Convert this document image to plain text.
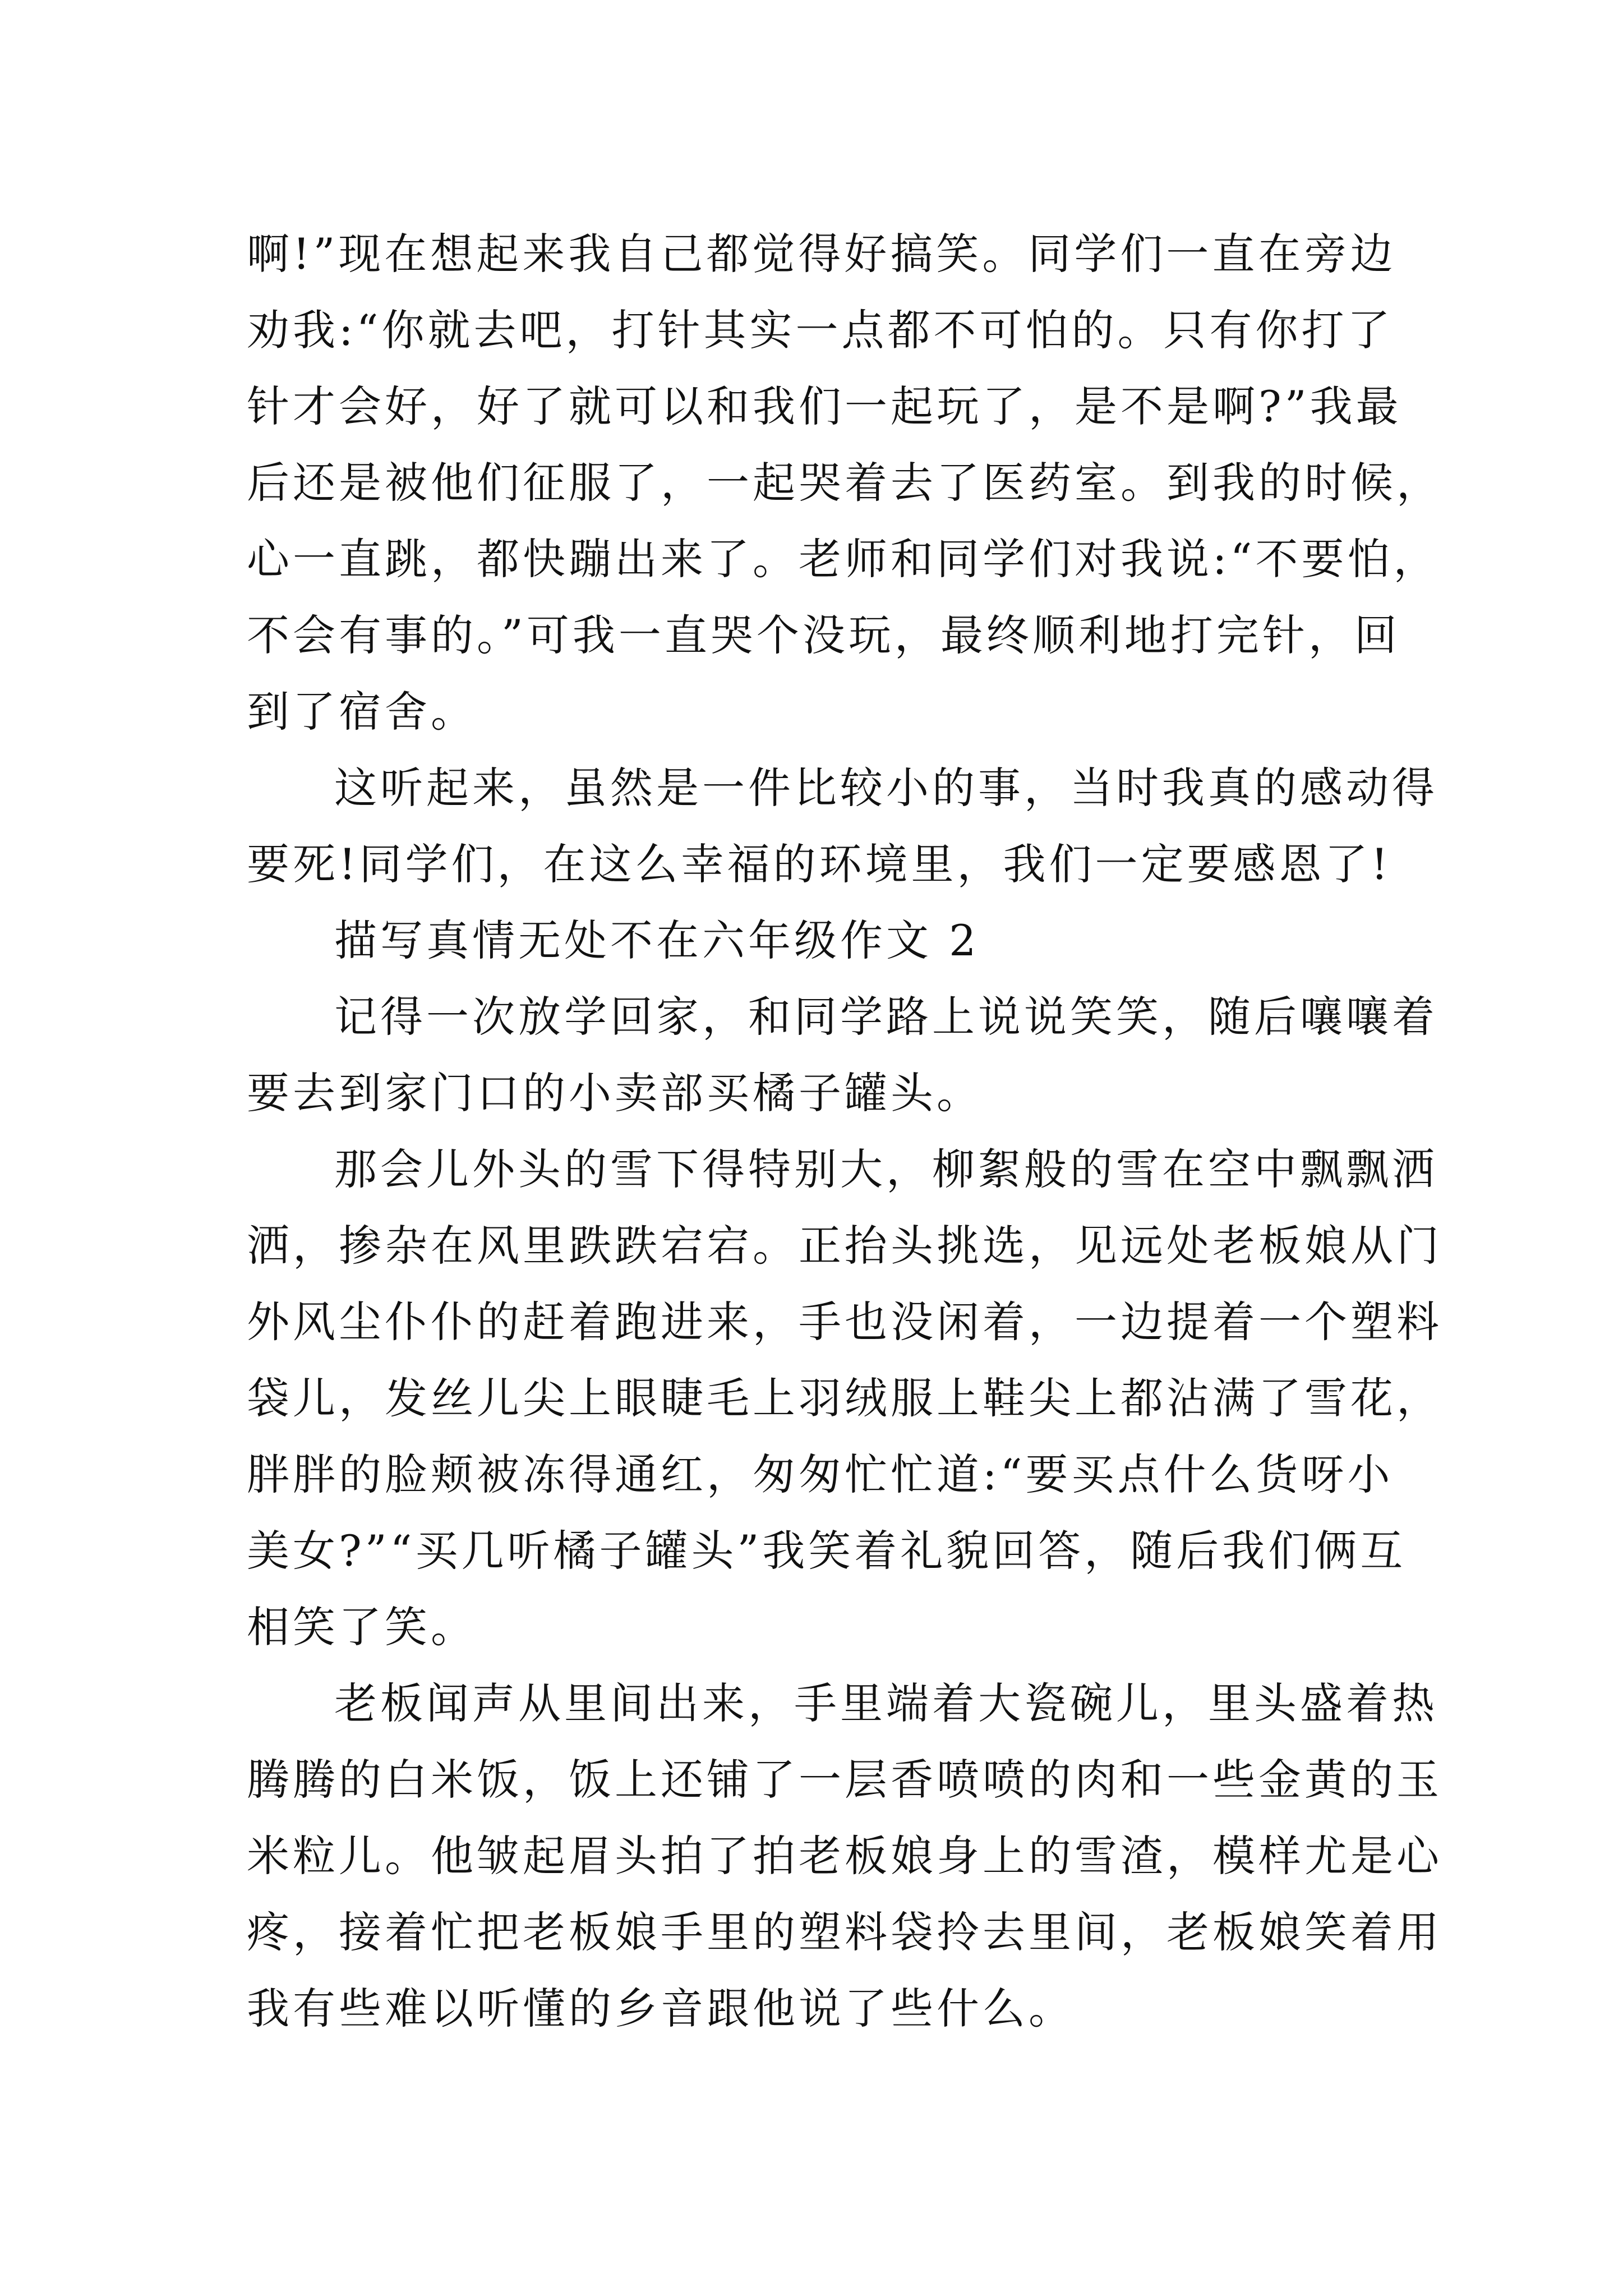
啊!”现在想起来我自己都觉得好搞笑。同学们一直在旁边
劝我:“你就去吧，打针其实一点都不可怕的。只有你打了
针才会好，好了就可以和我们一起玩了，是不是啊?”我最
后还是被他们征服了，一起哭着去了医药室。到我的时候，
心一直跳，都快蹦出来了。老师和同学们对我说:“不要怕，
不会有事的。”可我一直哭个没玩，最终顺利地打完针，回
到了宿舍。
这听起来，虽然是一件比较小的事，当时我真的感动得
要死!同学们，在这么幸福的环境里，我们一定要感恩了!
描写真情无处不在六年级作文 2
记得一次放学回家，和同学路上说说笑笑，随后嚷嚷着
要去到家门口的小卖部买橘子罐头。
那会儿外头的雪下得特别大，柳絮般的雪在空中飘飘洒
洒，掺杂在风里跌跌宕宕。正抬头挑选，见远处老板娘从门
外风尘仆仆的赶着跑进来，手也没闲着，一边提着一个塑料
袋儿，发丝儿尖上眼睫毛上羽绒服上鞋尖上都沾满了雪花，
胖胖的脸颊被冻得通红，匆匆忙忙道:“要买点什么货呀小
美女?”“买几听橘子罐头”我笑着礼貌回答，随后我们俩互
相笑了笑。
老板闻声从里间出来，手里端着大瓷碗儿，里头盛着热
腾腾的白米饭，饭上还铺了一层香喷喷的肉和一些金黄的玉
米粒儿。他皱起眉头拍了拍老板娘身上的雪渣，模样尤是心
疼，接着忙把老板娘手里的塑料袋拎去里间，老板娘笑着用
我有些难以听懂的乡音跟他说了些什么。
